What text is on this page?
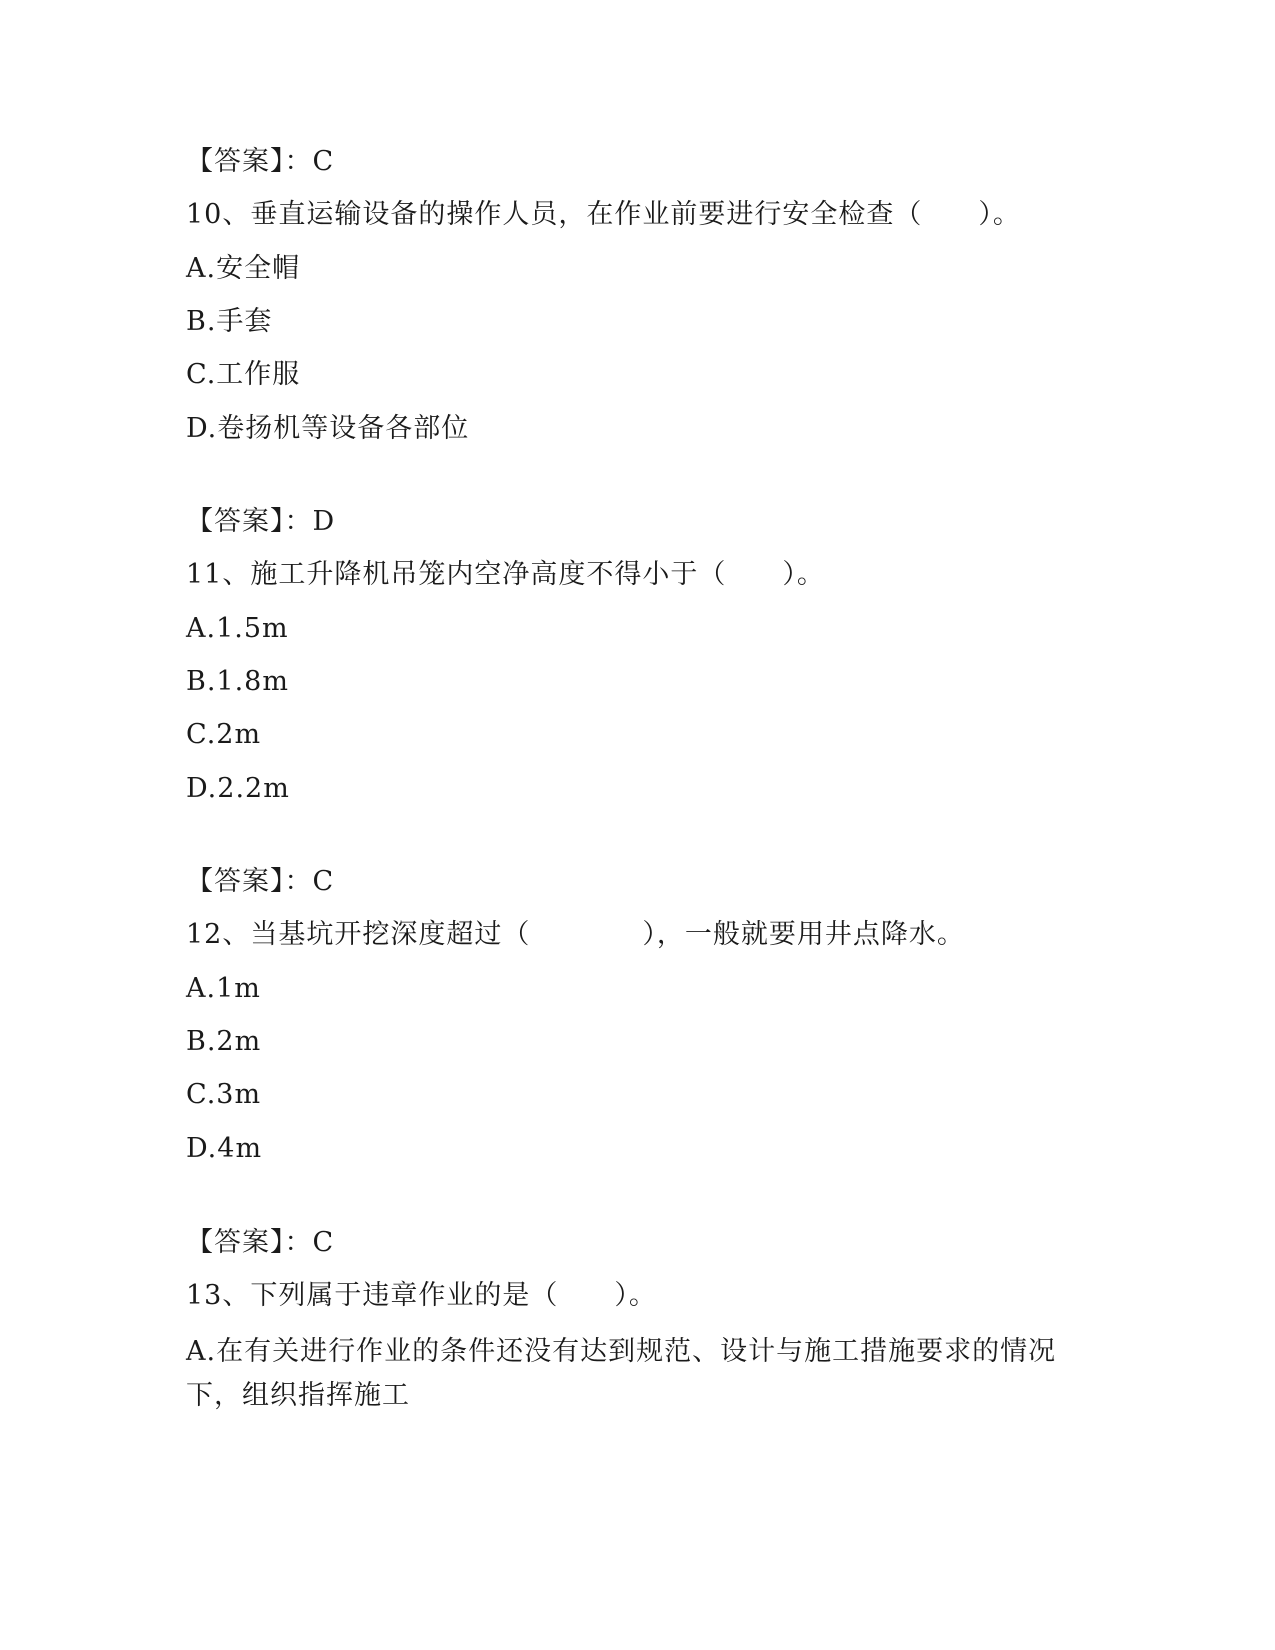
【答案】：C
10、垂直运输设备的操作人员，在作业前要进行安全检查（　　）。
A.安全帽
B.手套
C.工作服
D.卷扬机等设备各部位
【答案】：D
11、施工升降机吊笼内空净高度不得小于（　　）。
A.1.5m
B.1.8m
C.2m
D.2.2m
【答案】：C
12、当基坑开挖深度超过（　　　　），一般就要用井点降水。
A.1m
B.2m
C.3m
D.4m
【答案】：C
13、下列属于违章作业的是（　　）。
A.在有关进行作业的条件还没有达到规范、设计与施工措施要求的情况下，组织指挥施工
